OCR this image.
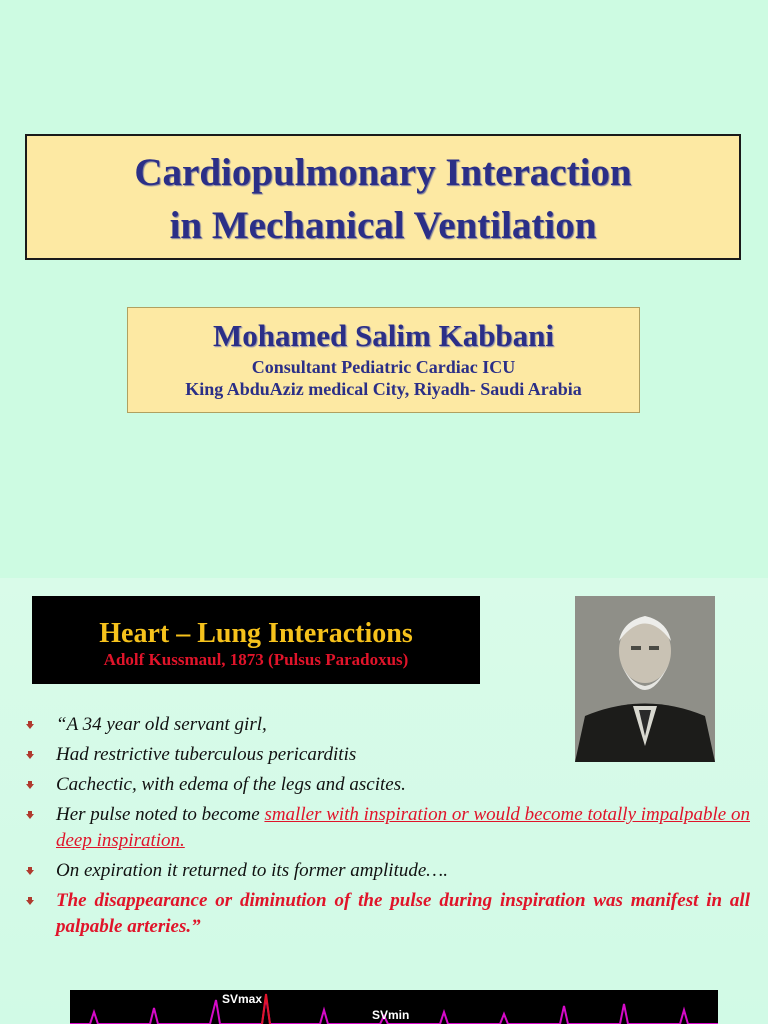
Cardiopulmonary Interaction
in Mechanical Ventilation
Mohamed Salim Kabbani
Consultant Pediatric Cardiac ICU
King AbduAziz medical City, Riyadh- Saudi Arabia
Heart – Lung Interactions
Adolf Kussmaul, 1873 (Pulsus Paradoxus)
“A 34 year old servant girl,
Had restrictive tuberculous pericarditis
Cachectic, with edema of the legs and ascites.
Her pulse noted to become smaller with inspiration or would become totally impalpable on deep inspiration.
On expiration it returned to its former amplitude….
The disappearance or diminution of the pulse during inspiration was manifest in all palpable arteries.”
SVmax
SVmin
